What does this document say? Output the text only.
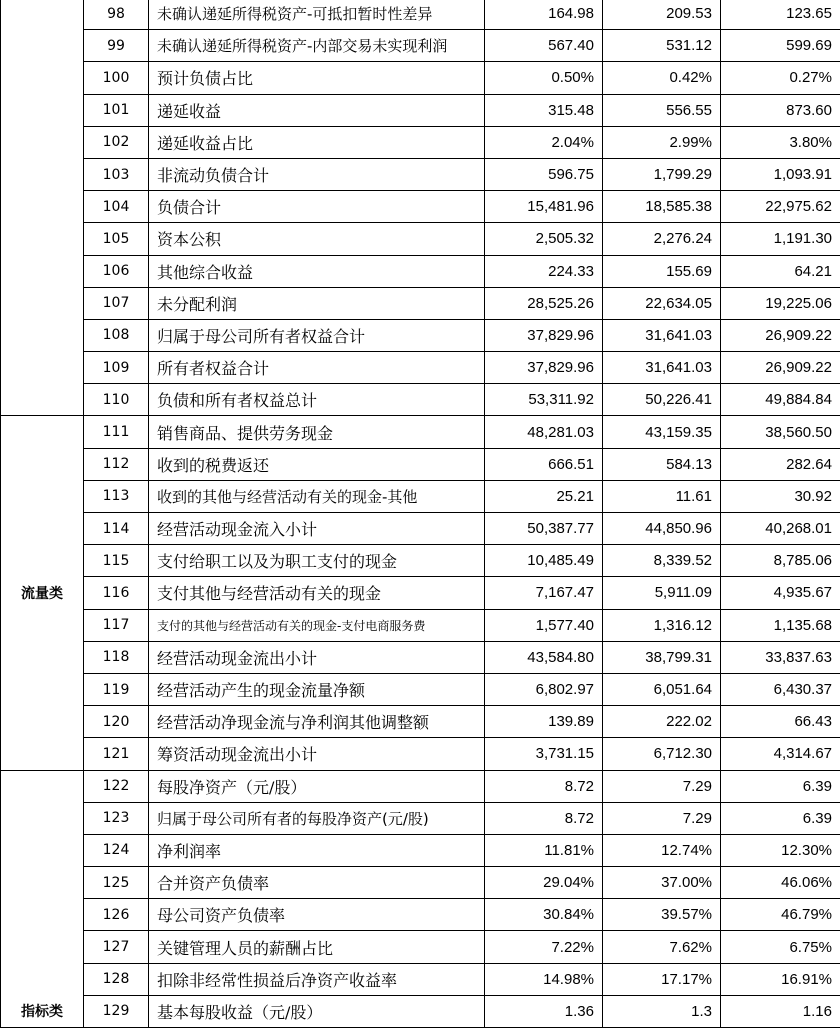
	98	未确认递延所得税资产-可抵扣暂时性差异	164.98	209.53	123.65
	99	未确认递延所得税资产-内部交易未实现利润	567.40	531.12	599.69
	100	预计负债占比	0.50%	0.42%	0.27%
	101	递延收益	315.48	556.55	873.60
	102	递延收益占比	2.04%	2.99%	3.80%
	103	非流动负债合计	596.75	1,799.29	1,093.91
	104	负债合计	15,481.96	18,585.38	22,975.62
	105	资本公积	2,505.32	2,276.24	1,191.30
	106	其他综合收益	224.33	155.69	64.21
	107	未分配利润	28,525.26	22,634.05	19,225.06
	108	归属于母公司所有者权益合计	37,829.96	31,641.03	26,909.22
	109	所有者权益合计	37,829.96	31,641.03	26,909.22
	110	负债和所有者权益总计	53,311.92	50,226.41	49,884.84
流量类	111	销售商品、提供劳务现金	48,281.03	43,159.35	38,560.50
	112	收到的税费返还	666.51	584.13	282.64
	113	收到的其他与经营活动有关的现金-其他	25.21	11.61	30.92
	114	经营活动现金流入小计	50,387.77	44,850.96	40,268.01
	115	支付给职工以及为职工支付的现金	10,485.49	8,339.52	8,785.06
	116	支付其他与经营活动有关的现金	7,167.47	5,911.09	4,935.67
	117	支付的其他与经营活动有关的现金-支付电商服务费	1,577.40	1,316.12	1,135.68
	118	经营活动现金流出小计	43,584.80	38,799.31	33,837.63
	119	经营活动产生的现金流量净额	6,802.97	6,051.64	6,430.37
	120	经营活动净现金流与净利润其他调整额	139.89	222.02	66.43
	121	筹资活动现金流出小计	3,731.15	6,712.30	4,314.67
指标类	122	每股净资产（元/股）	8.72	7.29	6.39
	123	归属于母公司所有者的每股净资产(元/股)	8.72	7.29	6.39
	124	净利润率	11.81%	12.74%	12.30%
	125	合并资产负债率	29.04%	37.00%	46.06%
	126	母公司资产负债率	30.84%	39.57%	46.79%
	127	关键管理人员的薪酬占比	7.22%	7.62%	6.75%
	128	扣除非经常性损益后净资产收益率	14.98%	17.17%	16.91%
	129	基本每股收益（元/股）	1.36	1.3	1.16
